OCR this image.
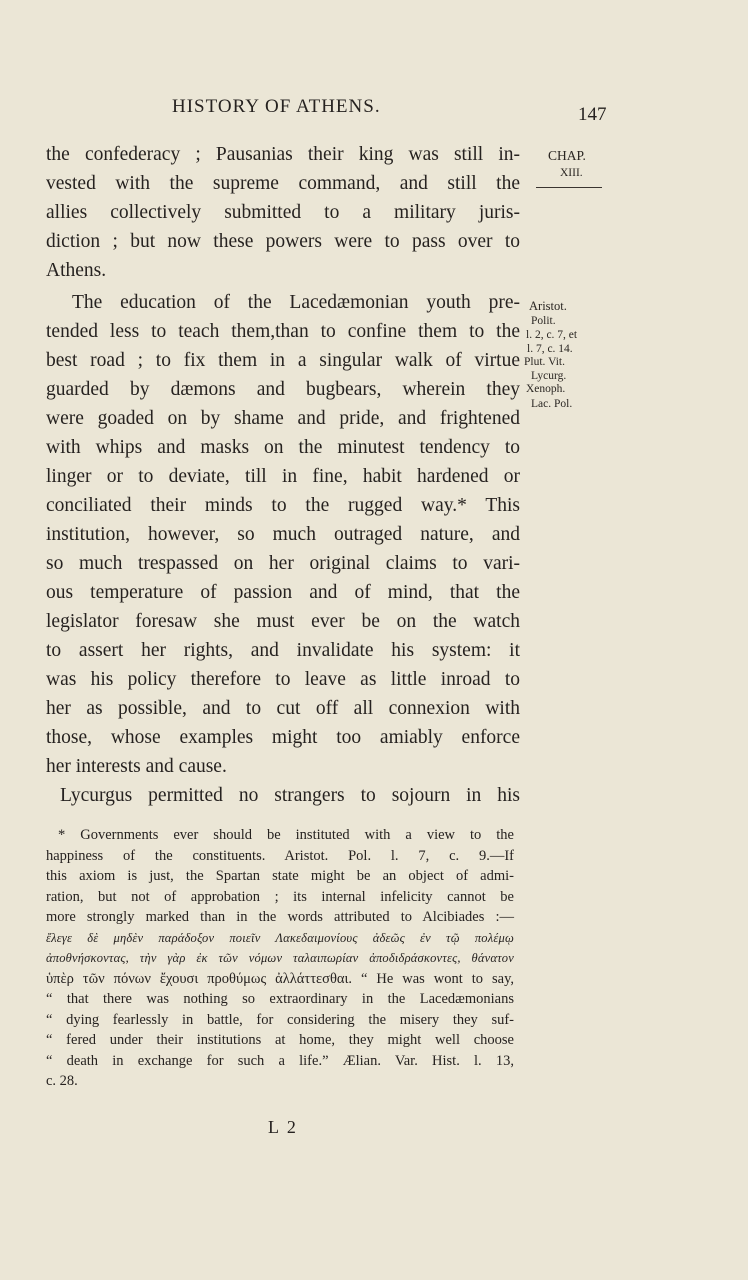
HISTORY OF ATHENS.	147
CHAP.
XIII.
Aristot.
Polit.
l. 2, c. 7, et
l. 7, c. 14.
Plut. Vit.
Lycurg.
Xenoph.
Lac. Pol.
the confederacy ; Pausanias their king was still in-
vested with the supreme command, and still the
allies collectively submitted to a military juris-
diction ; but now these powers were to pass over to
Athens.
The education of the Lacedæmonian youth pre-
tended less to teach them,than to confine them to the
best road ; to fix them in a singular walk of virtue
guarded by dæmons and bugbears, wherein they
were goaded on by shame and pride, and frightened
with whips and masks on the minutest tendency to
linger or to deviate, till in fine, habit hardened or
conciliated their minds to the rugged way.* This
institution, however, so much outraged nature, and
so much trespassed on her original claims to vari-
ous temperature of passion and of mind, that the
legislator foresaw she must ever be on the watch
to assert her rights, and invalidate his system: it
was his policy therefore to leave as little inroad to
her as possible, and to cut off all connexion with
those, whose examples might too amiably enforce
her interests and cause.
Lycurgus permitted no strangers to sojourn in his
* Governments ever should be instituted with a view to the
happiness of the constituents. Aristot. Pol. l. 7, c. 9.—If
this axiom is just, the Spartan state might be an object of admi-
ration, but not of approbation ; its internal infelicity cannot be
more strongly marked than in the words attributed to Alcibiades :—
ἔλεγε δὲ μηδὲν παράδοξον ποιεῖν Λακεδαιμονίους ἀδεῶς ἐν τῷ πολέμῳ
ἀποθνήσκοντας, τὴν γὰρ ἐκ τῶν νόμων ταλαιπωρίαν ἀποδιδράσκοντες, θάνατον
ὑπὲρ τῶν πόνων ἔχουσι προθύμως ἀλλάττεσθαι. “ He was wont to say,
“ that there was nothing so extraordinary in the Lacedæmonians
“ dying fearlessly in battle, for considering the misery they suf-
“ fered under their institutions at home, they might well choose
“ death in exchange for such a life.” Ælian. Var. Hist. l. 13,
c. 28.
L 2
